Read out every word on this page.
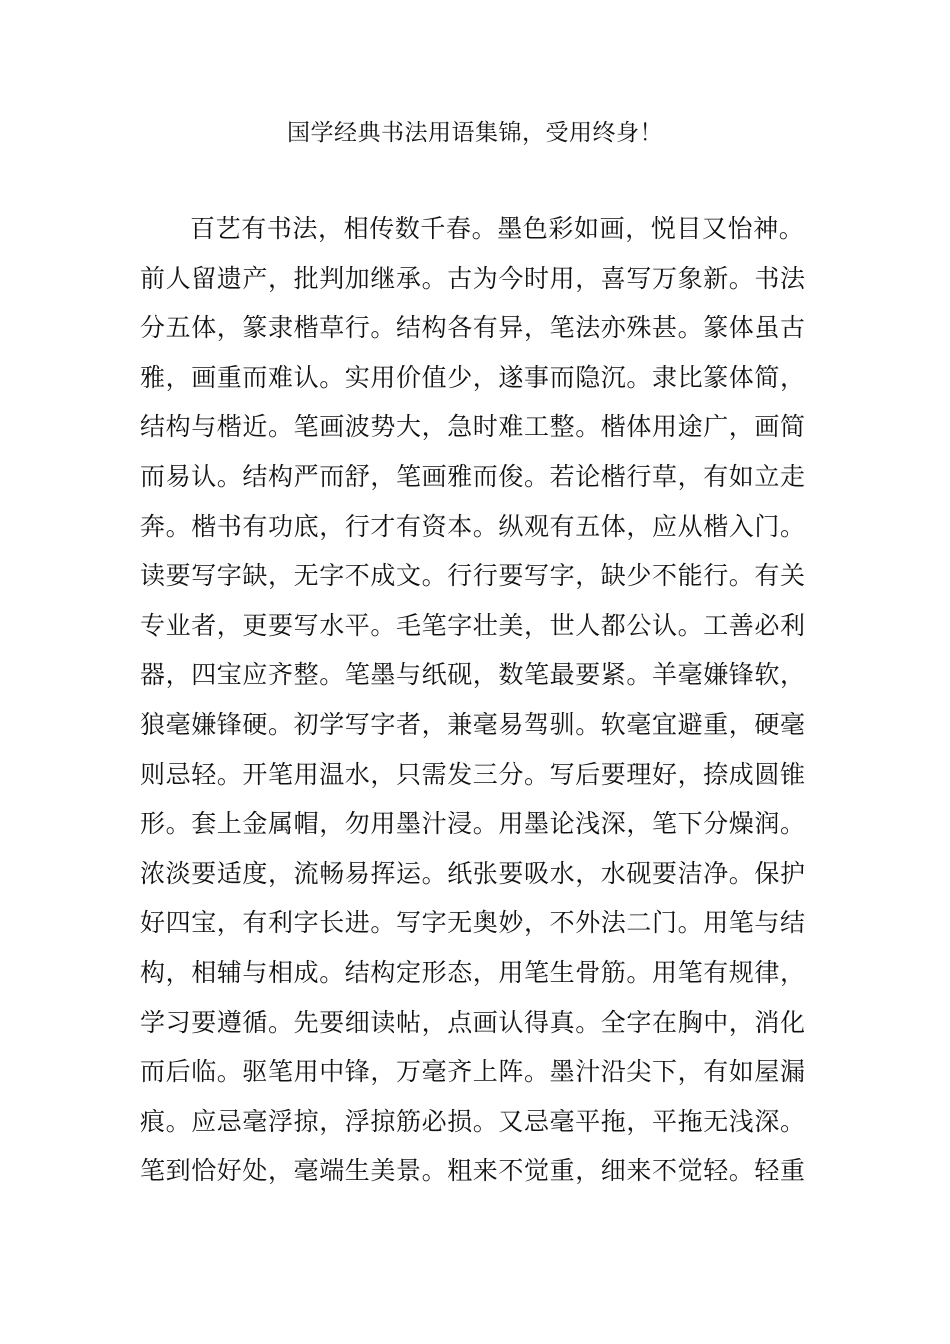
国学经典书法用语集锦，受用终身！
百艺有书法，相传数千春。墨色彩如画，悦目又怡神。
前人留遗产，批判加继承。古为今时用，喜写万象新。书法
分五体，篆隶楷草行。结构各有异，笔法亦殊甚。篆体虽古
雅，画重而难认。实用价值少，遂事而隐沉。隶比篆体简，
结构与楷近。笔画波势大，急时难工整。楷体用途广，画简
而易认。结构严而舒，笔画雅而俊。若论楷行草，有如立走
奔。楷书有功底，行才有资本。纵观有五体，应从楷入门。
读要写字缺，无字不成文。行行要写字，缺少不能行。有关
专业者，更要写水平。毛笔字壮美，世人都公认。工善必利
器，四宝应齐整。笔墨与纸砚，数笔最要紧。羊毫嫌锋软，
狼毫嫌锋硬。初学写字者，兼毫易驾驯。软毫宜避重，硬毫
则忌轻。开笔用温水，只需发三分。写后要理好，捺成圆锥
形。套上金属帽，勿用墨汁浸。用墨论浅深，笔下分燥润。
浓淡要适度，流畅易挥运。纸张要吸水，水砚要洁净。保护
好四宝，有利字长进。写字无奥妙，不外法二门。用笔与结
构，相辅与相成。结构定形态，用笔生骨筋。用笔有规律，
学习要遵循。先要细读帖，点画认得真。全字在胸中，消化
而后临。驱笔用中锋，万毫齐上阵。墨汁沿尖下，有如屋漏
痕。应忌毫浮掠，浮掠筋必损。又忌毫平拖，平拖无浅深。
笔到恰好处，毫端生美景。粗来不觉重，细来不觉轻。轻重
